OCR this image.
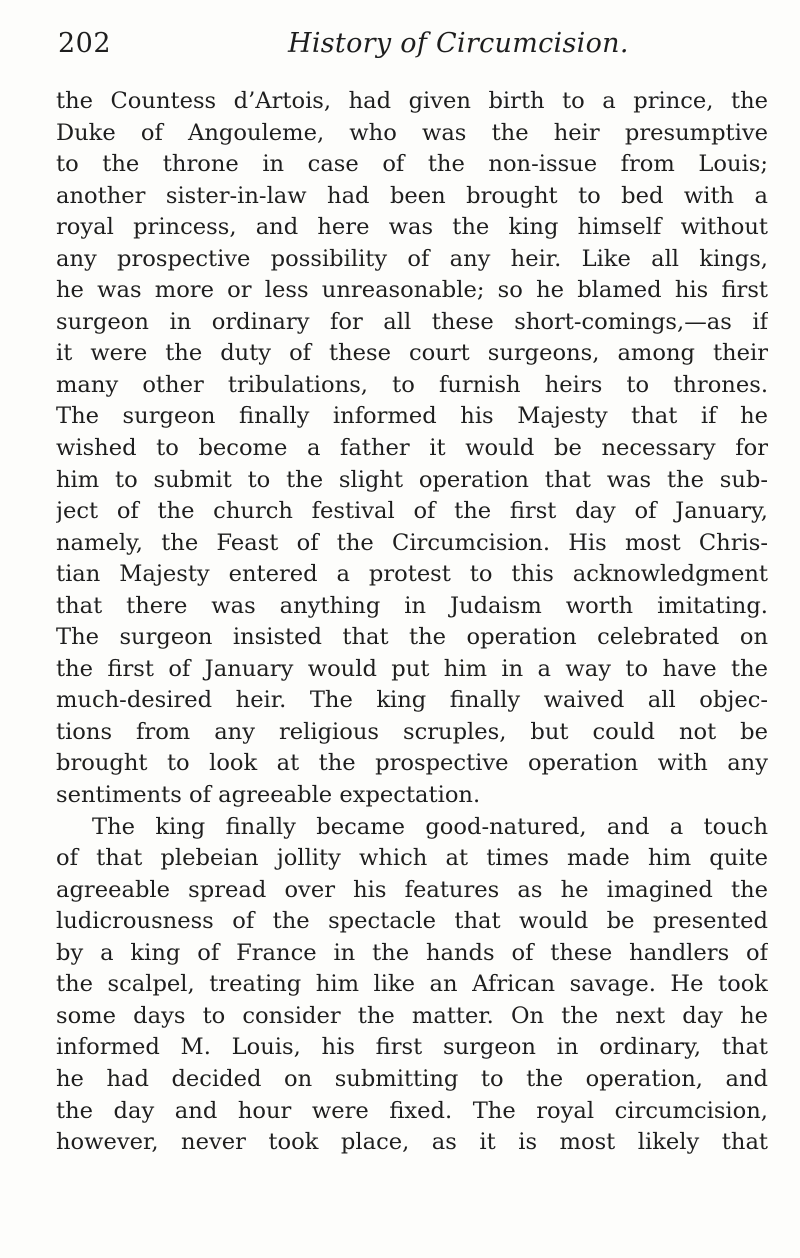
202	History of Circumcision.
the Countess d’Artois, had given birth to a prince, the
Duke of Angouleme, who was the heir presumptive
to the throne in case of the non-issue from Louis;
another sister-in-law had been brought to bed with a
royal princess, and here was the king himself without
any prospective possibility of any heir. Like all kings,
he was more or less unreasonable; so he blamed his first
surgeon in ordinary for all these short-comings,—as if
it were the duty of these court surgeons, among their
many other tribulations, to furnish heirs to thrones.
The surgeon finally informed his Majesty that if he
wished to become a father it would be necessary for
him to submit to the slight operation that was the sub-
ject of the church festival of the first day of January,
namely, the Feast of the Circumcision. His most Chris-
tian Majesty entered a protest to this acknowledgment
that there was anything in Judaism worth imitating.
The surgeon insisted that the operation celebrated on
the first of January would put him in a way to have the
much-desired heir. The king finally waived all objec-
tions from any religious scruples, but could not be
brought to look at the prospective operation with any
sentiments of agreeable expectation.
The king finally became good-natured, and a touch
of that plebeian jollity which at times made him quite
agreeable spread over his features as he imagined the
ludicrousness of the spectacle that would be presented
by a king of France in the hands of these handlers of
the scalpel, treating him like an African savage. He took
some days to consider the matter. On the next day he
informed M. Louis, his first surgeon in ordinary, that
he had decided on submitting to the operation, and
the day and hour were fixed. The royal circumcision,
however, never took place, as it is most likely that
